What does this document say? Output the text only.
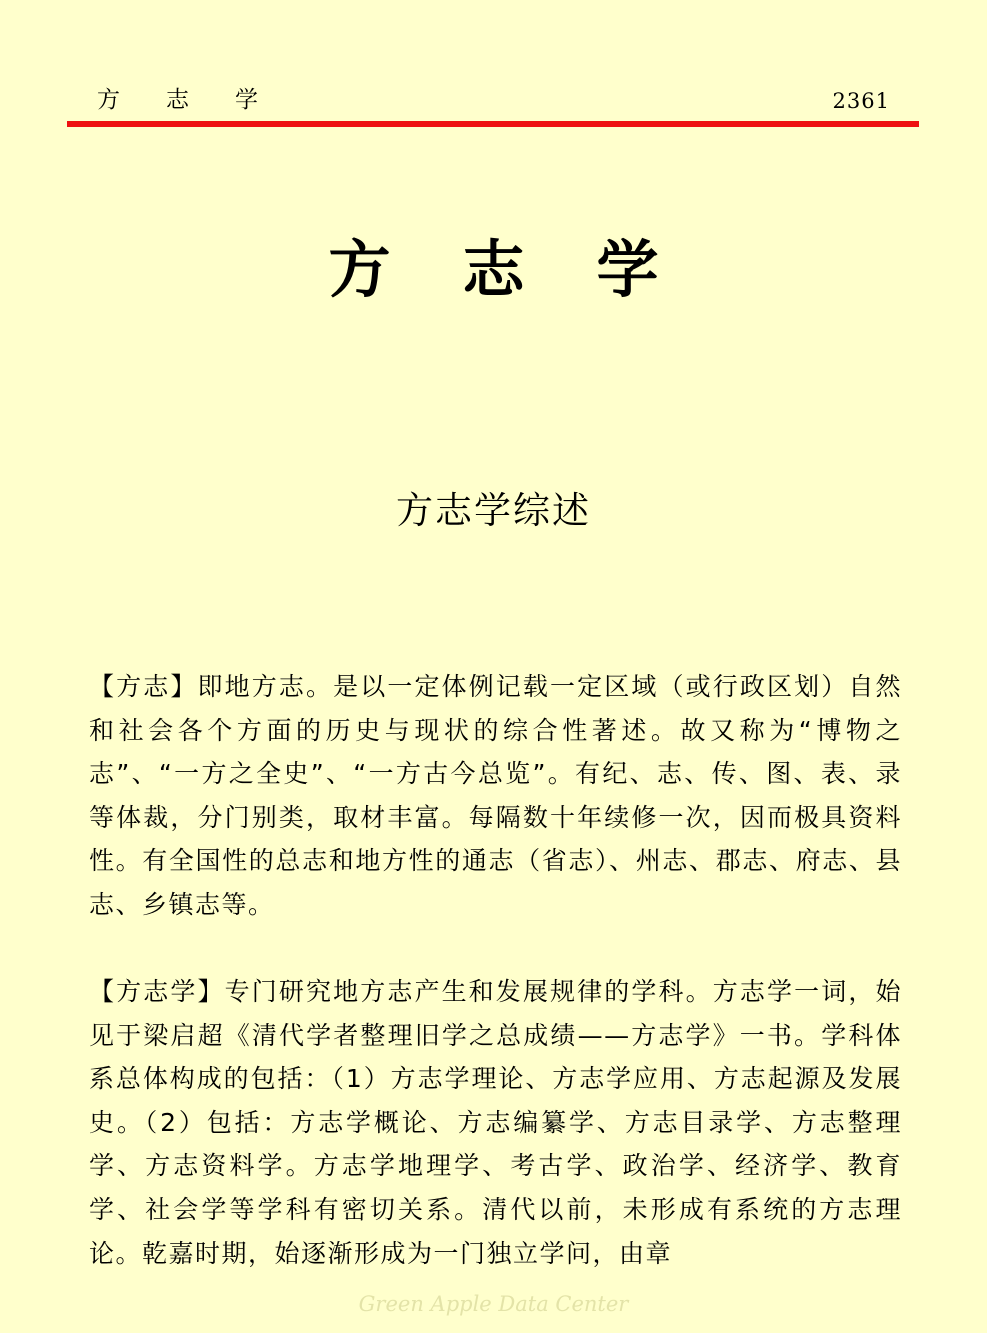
方志学	2361
方志学
方志学综述
【方志】即地方志。是以一定体例记载一定区域（或行政区划）自然和社会各个方面的历史与现状的综合性著述。故又称为“博物之志”、“一方之全史”、“一方古今总览”。有纪、志、传、图、表、录等体裁，分门别类，取材丰富。每隔数十年续修一次，因而极具资料性。有全国性的总志和地方性的通志（省志）、州志、郡志、府志、县志、乡镇志等。
【方志学】专门研究地方志产生和发展规律的学科。方志学一词，始见于梁启超《清代学者整理旧学之总成绩——方志学》一书。学科体系总体构成的包括：（1）方志学理论、方志学应用、方志起源及发展史。（2）包括：方志学概论、方志编纂学、方志目录学、方志整理学、方志资料学。方志学地理学、考古学、政治学、经济学、教育学、社会学等学科有密切关系。清代以前，未形成有系统的方志理论。乾嘉时期，始逐渐形成为一门独立学问，由章
Green Apple Data Center
